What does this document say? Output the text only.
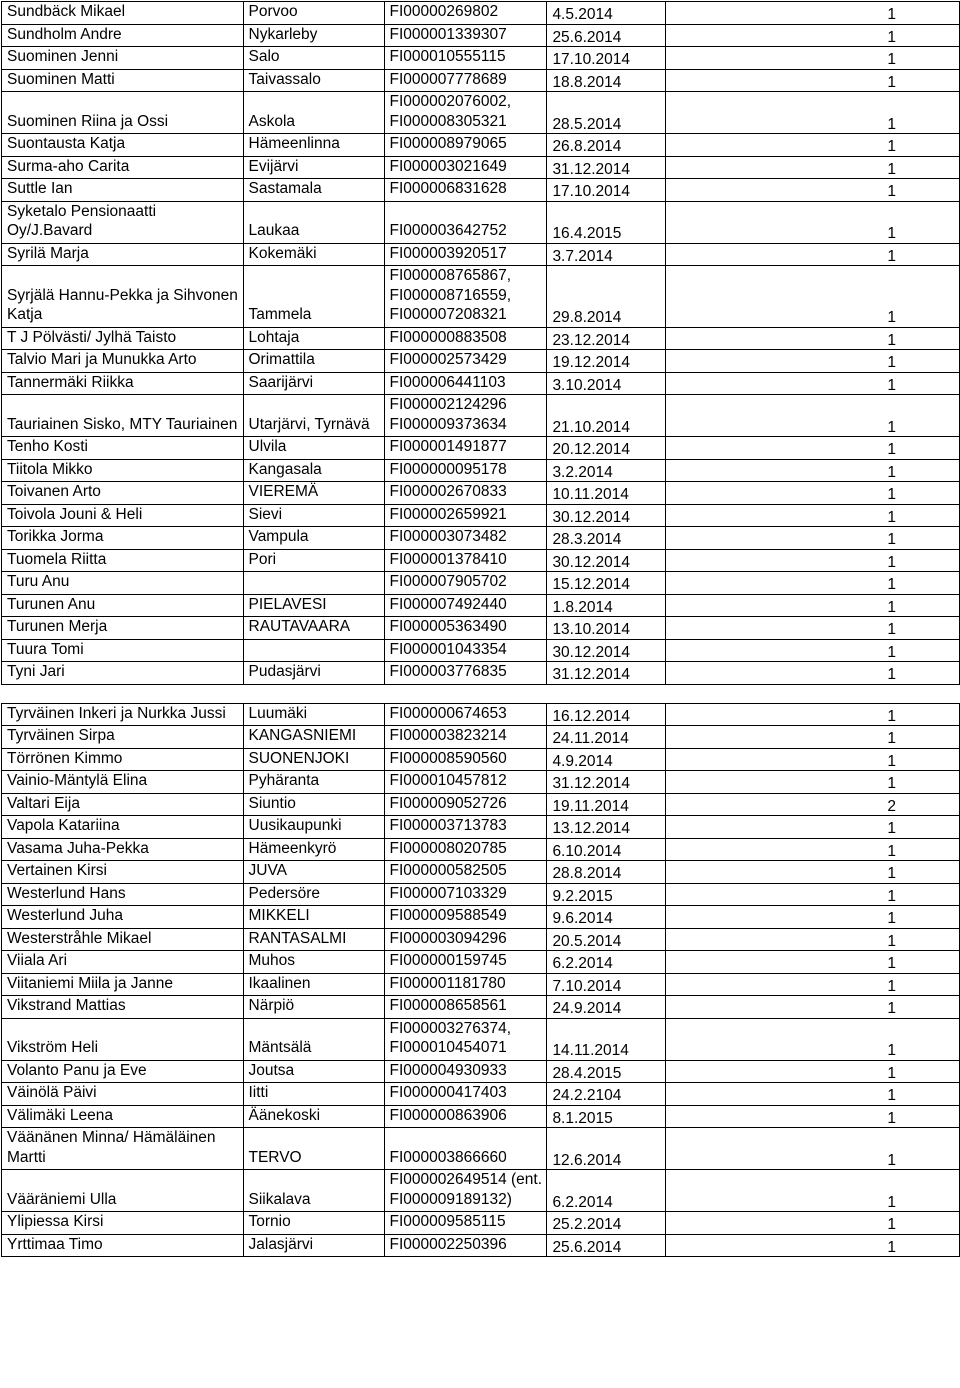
Sundbäck Mikael	Porvoo	FI00000269802	4.5.2014	1
Sundholm Andre	Nykarleby	FI000001339307	25.6.2014	1
Suominen Jenni	Salo	FI000010555115	17.10.2014	1
Suominen Matti	Taivassalo	FI000007778689	18.8.2014	1
Suominen Riina ja Ossi	Askola	FI000002076002, FI000008305321	28.5.2014	1
Suontausta Katja	Hämeenlinna	FI000008979065	26.8.2014	1
Surma-aho Carita	Evijärvi	FI000003021649	31.12.2014	1
Suttle Ian	Sastamala	FI000006831628	17.10.2014	1
Syketalo Pensionaatti Oy/J.Bavard	Laukaa	FI000003642752	16.4.2015	1
Syrilä Marja	Kokemäki	FI000003920517	3.7.2014	1
Syrjälä Hannu-Pekka ja Sihvonen Katja	Tammela	FI000008765867, FI000008716559, FI000007208321	29.8.2014	1
T J Pölvästi/ Jylhä Taisto	Lohtaja	FI000000883508	23.12.2014	1
Talvio Mari ja Munukka Arto	Orimattila	FI000002573429	19.12.2014	1
Tannermäki Riikka	Saarijärvi	FI000006441103	3.10.2014	1
Tauriainen Sisko, MTY Tauriainen	Utarjärvi, Tyrnävä	FI000002124296 FI000009373634	21.10.2014	1
Tenho Kosti	Ulvila	FI000001491877	20.12.2014	1
Tiitola Mikko	Kangasala	FI000000095178	3.2.2014	1
Toivanen Arto	VIEREMÄ	FI000002670833	10.11.2014	1
Toivola Jouni & Heli	Sievi	FI000002659921	30.12.2014	1
Torikka Jorma	Vampula	FI000003073482	28.3.2014	1
Tuomela Riitta	Pori	FI000001378410	30.12.2014	1
Turu Anu		FI000007905702	15.12.2014	1
Turunen Anu	PIELAVESI	FI000007492440	1.8.2014	1
Turunen Merja	RAUTAVAARA	FI000005363490	13.10.2014	1
Tuura Tomi		FI000001043354	30.12.2014	1
Tyni Jari	Pudasjärvi	FI000003776835	31.12.2014	1

Tyrväinen Inkeri ja Nurkka Jussi	Luumäki	FI000000674653	16.12.2014	1
Tyrväinen Sirpa	KANGASNIEMI	FI000003823214	24.11.2014	1
Törrönen Kimmo	SUONENJOKI	FI000008590560	4.9.2014	1
Vainio-Mäntylä Elina	Pyhäranta	FI000010457812	31.12.2014	1
Valtari Eija	Siuntio	FI000009052726	19.11.2014	2
Vapola Katariina	Uusikaupunki	FI000003713783	13.12.2014	1
Vasama Juha-Pekka	Hämeenkyrö	FI000008020785	6.10.2014	1
Vertainen Kirsi	JUVA	FI000000582505	28.8.2014	1
Westerlund Hans	Pedersöre	FI000007103329	9.2.2015	1
Westerlund Juha	MIKKELI	FI000009588549	9.6.2014	1
Westerstråhle Mikael	RANTASALMI	FI000003094296	20.5.2014	1
Viiala Ari	Muhos	FI000000159745	6.2.2014	1
Viitaniemi Miila ja Janne	Ikaalinen	FI000001181780	7.10.2014	1
Vikstrand Mattias	Närpiö	FI000008658561	24.9.2014	1
Vikström Heli	Mäntsälä	FI000003276374, FI000010454071	14.11.2014	1
Volanto Panu ja Eve	Joutsa	FI000004930933	28.4.2015	1
Väinölä Päivi	Iitti	FI000000417403	24.2.2104	1
Välimäki Leena	Äänekoski	FI000000863906	8.1.2015	1
Väänänen Minna/ Hämäläinen Martti	TERVO	FI000003866660	12.6.2014	1
Vääräniemi Ulla	Siikalava	FI000002649514 (ent. FI000009189132)	6.2.2014	1
Ylipiessa Kirsi	Tornio	FI000009585115	25.2.2014	1
Yrttimaa Timo	Jalasjärvi	FI000002250396	25.6.2014	1
